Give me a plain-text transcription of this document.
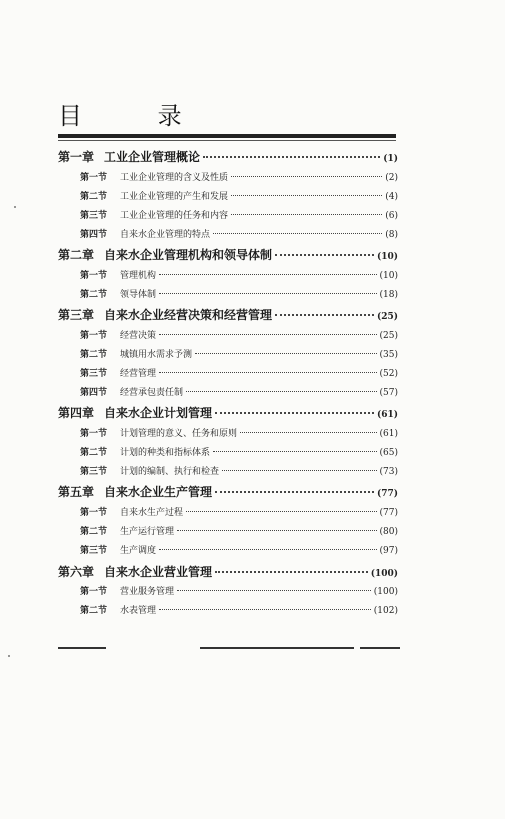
目 录
第一章 工业企业管理概论	(1)
第一节 工业企业管理的含义及性质	(2)
第二节 工业企业管理的产生和发展	(4)
第三节 工业企业管理的任务和内容	(6)
第四节 自来水企业管理的特点	(8)
第二章 自来水企业管理机构和领导体制	(10)
第一节 管理机构	(10)
第二节 领导体制	(18)
第三章 自来水企业经营决策和经营管理	(25)
第一节 经营决策	(25)
第二节 城镇用水需求予测	(35)
第三节 经营管理	(52)
第四节 经营承包责任制	(57)
第四章 自来水企业计划管理	(61)
第一节 计划管理的意义、任务和原则	(61)
第二节 计划的种类和指标体系	(65)
第三节 计划的编制、执行和检查	(73)
第五章 自来水企业生产管理	(77)
第一节 自来水生产过程	(77)
第二节 生产运行管理	(80)
第三节 生产调度	(97)
第六章 自来水企业营业管理	(100)
第一节 营业服务管理	(100)
第二节 水表管理	(102)
